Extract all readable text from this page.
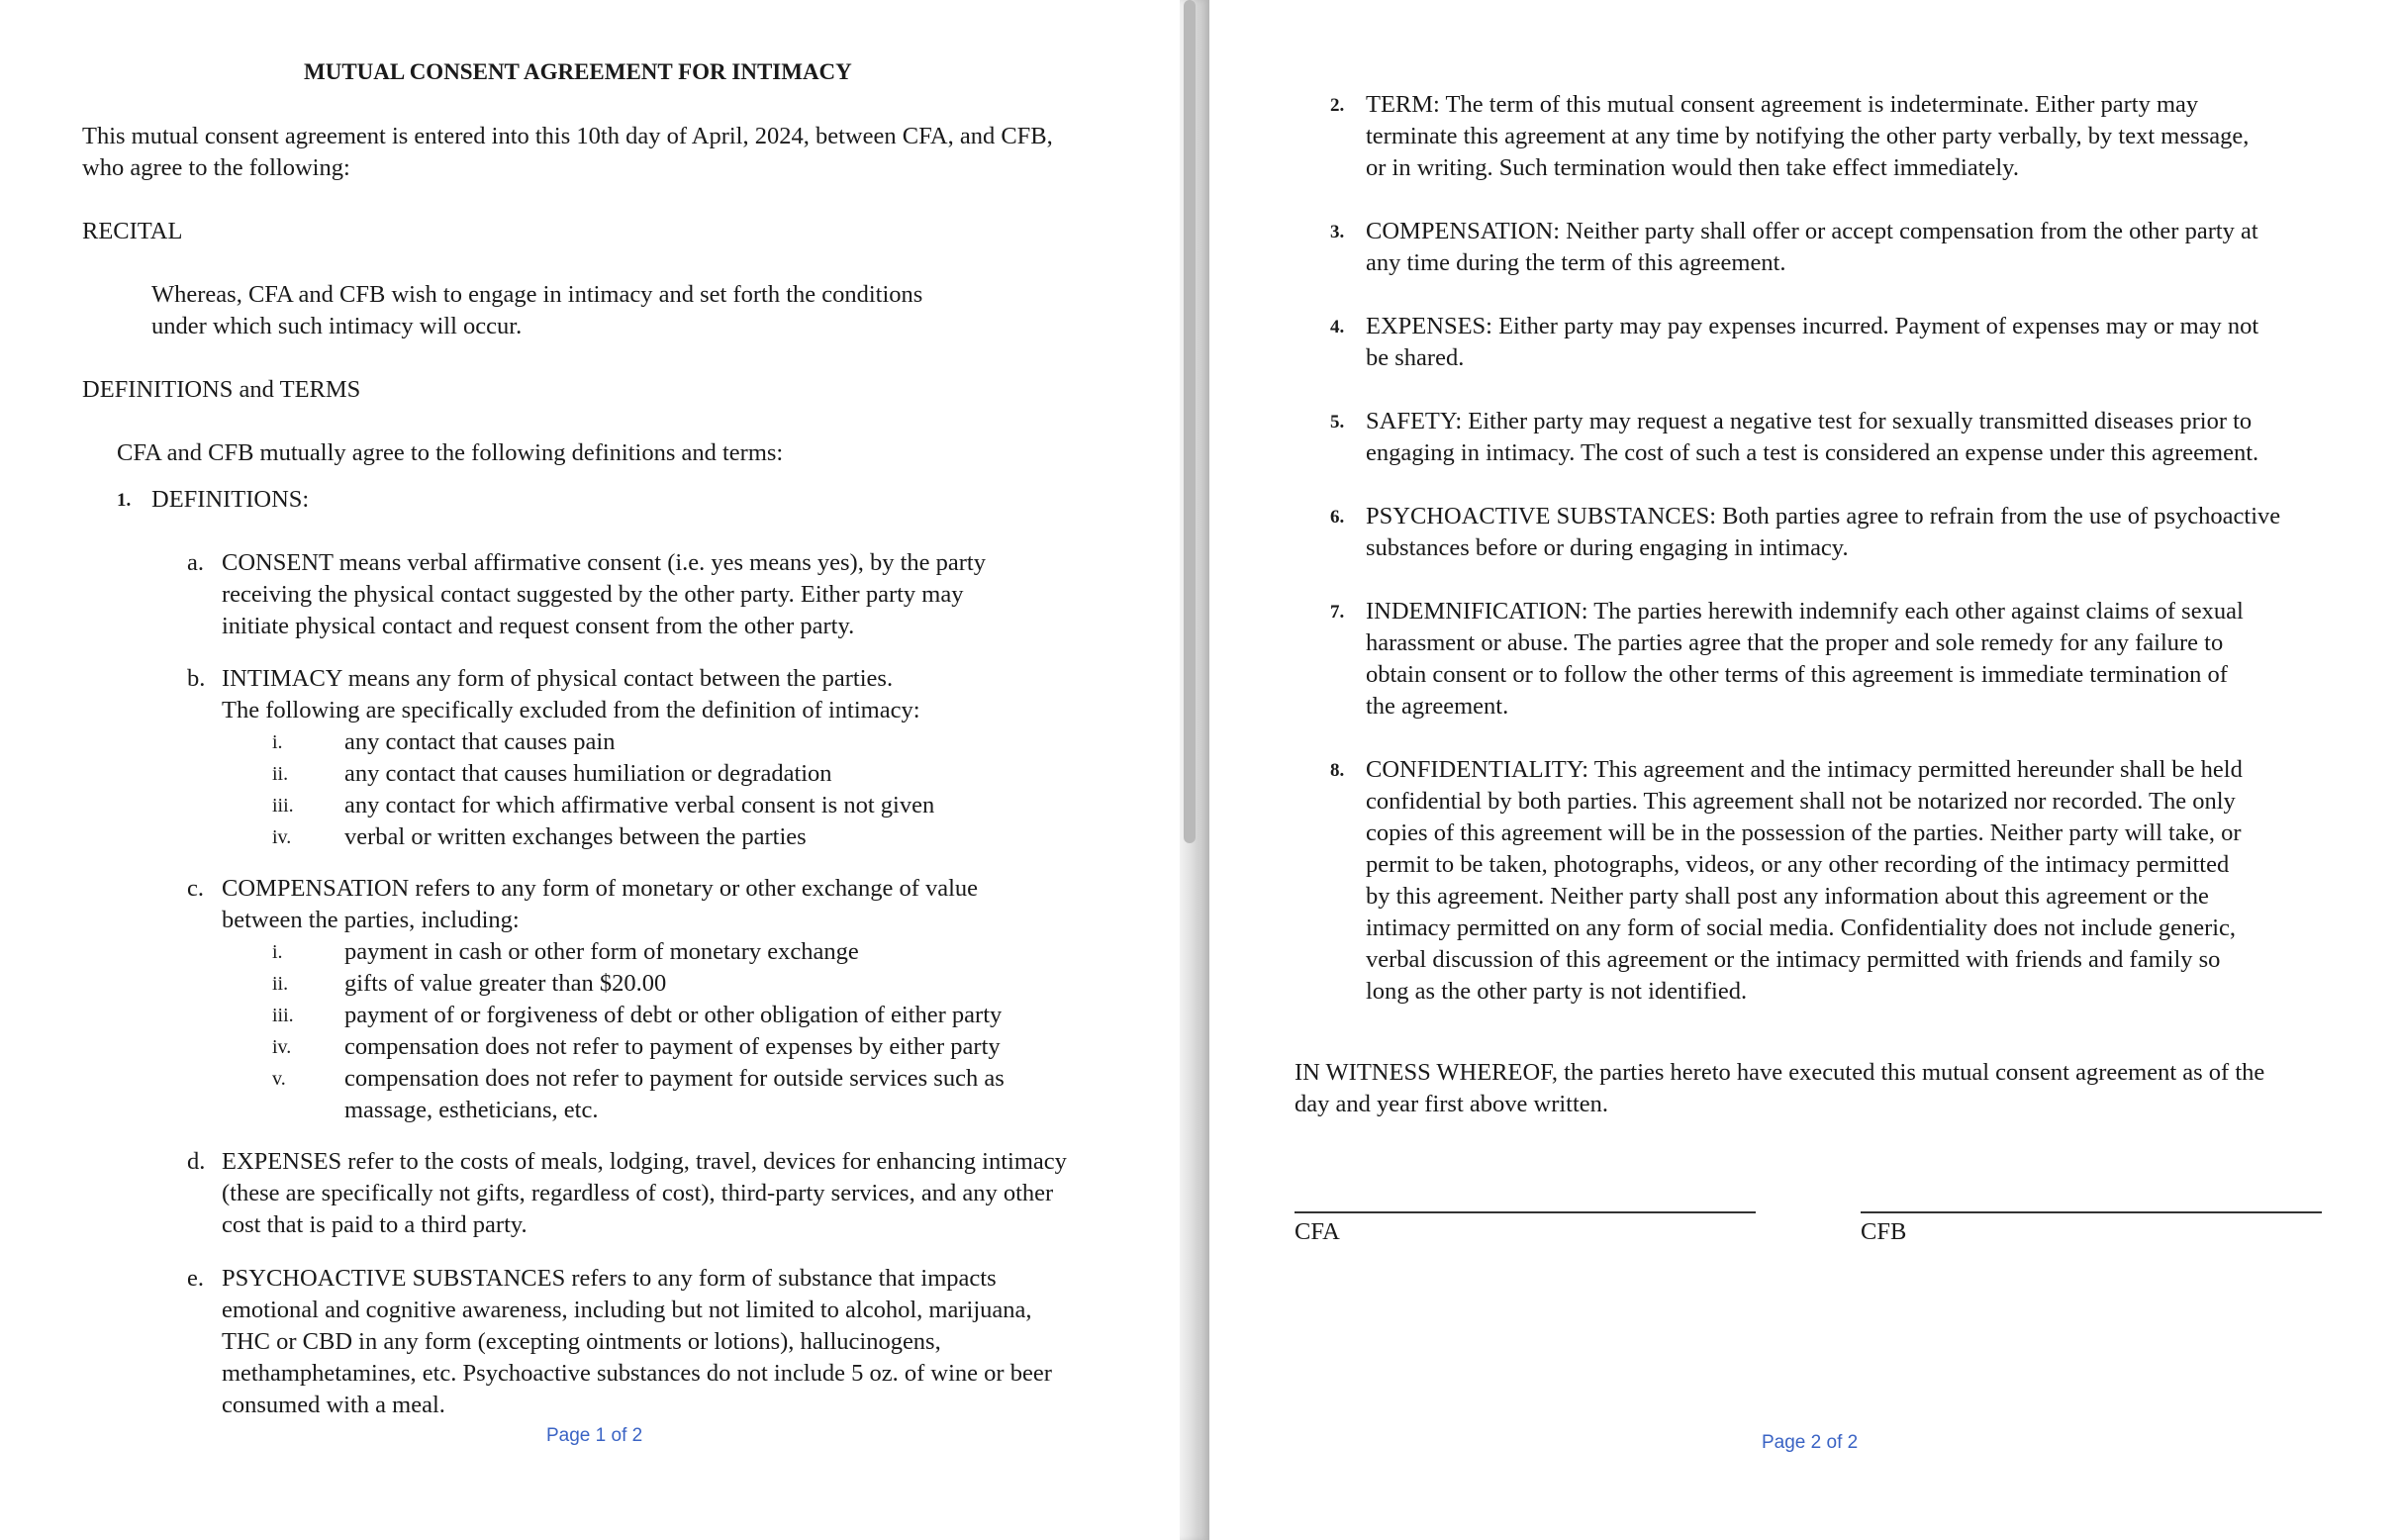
MUTUAL CONSENT AGREEMENT FOR INTIMACY
This mutual consent agreement is entered into this 10th day of April, 2024, between CFA, and CFB,
who agree to the following:
RECITAL
Whereas, CFA and CFB wish to engage in intimacy and set forth the conditions
under which such intimacy will occur.
DEFINITIONS and TERMS
CFA and CFB mutually agree to the following definitions and terms:
1. DEFINITIONS:
a. CONSENT means verbal affirmative consent (i.e. yes means yes), by the party
receiving the physical contact suggested by the other party. Either party may
initiate physical contact and request consent from the other party.
b. INTIMACY means any form of physical contact between the parties.
The following are specifically excluded from the definition of intimacy:
i.	any contact that causes pain
ii. any contact that causes humiliation or degradation
iii. any contact for which affirmative verbal consent is not given
iv. verbal or written exchanges between the parties
c. COMPENSATION refers to any form of monetary or other exchange of value
between the parties, including:
i.	payment in cash or other form of monetary exchange
ii. gifts of value greater than $20.00
iii. payment of or forgiveness of debt or other obligation of either party
iv. compensation does not refer to payment of expenses by either party
v. compensation does not refer to payment for outside services such as
massage, estheticians, etc.
d. EXPENSES refer to the costs of meals, lodging, travel, devices for enhancing intimacy
(these are specifically not gifts, regardless of cost), third-party services, and any other
cost that is paid to a third party.
e. PSYCHOACTIVE SUBSTANCES refers to any form of substance that impacts
emotional and cognitive awareness, including but not limited to alcohol, marijuana,
THC or CBD in any form (excepting ointments or lotions), hallucinogens,
methamphetamines, etc. Psychoactive substances do not include 5 oz. of wine or beer
consumed with a meal.
Page 1 of 2
2. TERM: The term of this mutual consent agreement is indeterminate. Either party may
terminate this agreement at any time by notifying the other party verbally, by text message,
or in writing. Such termination would then take effect immediately.
3. COMPENSATION: Neither party shall offer or accept compensation from the other party at
any time during the term of this agreement.
4. EXPENSES: Either party may pay expenses incurred. Payment of expenses may or may not
be shared.
5. SAFETY: Either party may request a negative test for sexually transmitted diseases prior to
engaging in intimacy. The cost of such a test is considered an expense under this agreement.
6. PSYCHOACTIVE SUBSTANCES: Both parties agree to refrain from the use of psychoactive
substances before or during engaging in intimacy.
7. INDEMNIFICATION: The parties herewith indemnify each other against claims of sexual
harassment or abuse. The parties agree that the proper and sole remedy for any failure to
obtain consent or to follow the other terms of this agreement is immediate termination of
the agreement.
8. CONFIDENTIALITY: This agreement and the intimacy permitted hereunder shall be held
confidential by both parties. This agreement shall not be notarized nor recorded. The only
copies of this agreement will be in the possession of the parties. Neither party will take, or
permit to be taken, photographs, videos, or any other recording of the intimacy permitted
by this agreement. Neither party shall post any information about this agreement or the
intimacy permitted on any form of social media. Confidentiality does not include generic,
verbal discussion of this agreement or the intimacy permitted with friends and family so
long as the other party is not identified.
IN WITNESS WHEREOF, the parties hereto have executed this mutual consent agreement as of the
day and year first above written.
CFA	CFB
Page 2 of 2
